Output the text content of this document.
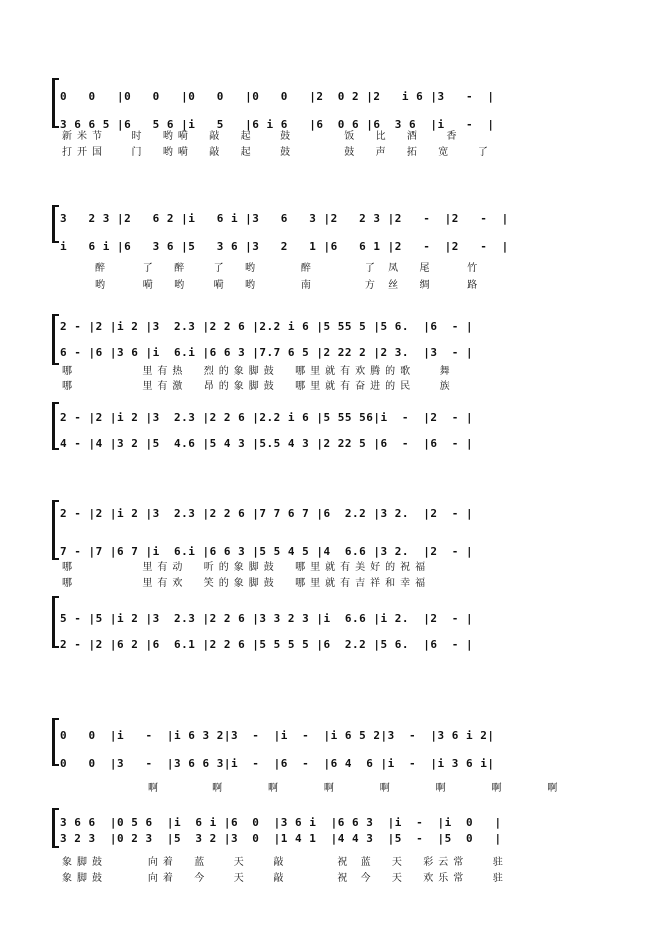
0   0   |0   0   |0   0   |0   0   |2  0 2 |2   i 6 |3   -  |
3 6 6 5 |6   5 6 |i   5   |6 i 6   |6  0 6 |6  3 6  |i   -  |
新米节   时  哟嗬  敲  起   鼓      饭  比  酒   香
打开国   门  哟嗬  敲  起   鼓      鼓  声  拓  宽   了
3   2 3 |2   6 2 |i   6 i |3   6   3 |2   2 3 |2   -  |2   -  |
i   6 i |6   3 6 |5   3 6 |3   2   1 |6   6 1 |2   -  |2   -  |
醉    了  醉   了  哟     醉      了 凤  尾    竹
哟    嗬  哟   嗬  哟     南      方 丝  绸    路
2 - |2 |i 2 |3  2.3 |2 2 6 |2.2 i 6 |5 55 5 |5 6.  |6  - |
6 - |6 |3 6 |i  6.i |6 6 3 |7.7 6 5 |2 22 2 |2 3.  |3  - |
2 - |2 |i 2 |3  2.3 |2 2 6 |2.2 i 6 |5 55 56|i  -  |2  - |
4 - |4 |3 2 |5  4.6 |5 4 3 |5.5 4 3 |2 22 5 |6  -  |6  - |
哪        里有热  烈的象脚鼓  哪里就有欢腾的歌   舞
哪        里有激  昂的象脚鼓  哪里就有奋进的民   族
2 - |2 |i 2 |3  2.3 |2 2 6 |7 7 6 7 |6  2.2 |3 2.  |2  - |
7 - |7 |6 7 |i  6.i |6 6 3 |5 5 4 5 |4  6.6 |3 2.  |2  - |
5 - |5 |i 2 |3  2.3 |2 2 6 |3 3 2 3 |i  6.6 |i 2.  |2  - |
2 - |2 |6 2 |6  6.1 |2 2 6 |5 5 5 5 |6  2.2 |5 6.  |6  - |
哪        里有动  听的象脚鼓  哪里就有美好的祝福
哪        里有欢  笑的象脚鼓  哪里就有吉祥和幸福
0   0  |i   -  |i 6 3 2|3  -  |i  -  |i 6 5 2|3  -  |3 6 i 2|
0   0  |3   -  |3 6 6 3|i  -  |6  -  |6 4  6 |i  -  |i 3 6 i|
3 6 6  |0 5 6  |i  6 i |6  0  |3 6 i  |6 6 3  |i  -  |i  0   |
3 2 3  |0 2 3  |5  3 2 |3  0  |1 4 1  |4 4 3  |5  -  |5  0   |
啊      啊     啊     啊     啊     啊     啊     啊
象脚鼓     向着  蓝   天   敲      祝 蓝  天  彩云常   驻
象脚鼓     向着  今   天   敲      祝 今  天  欢乐常   驻
